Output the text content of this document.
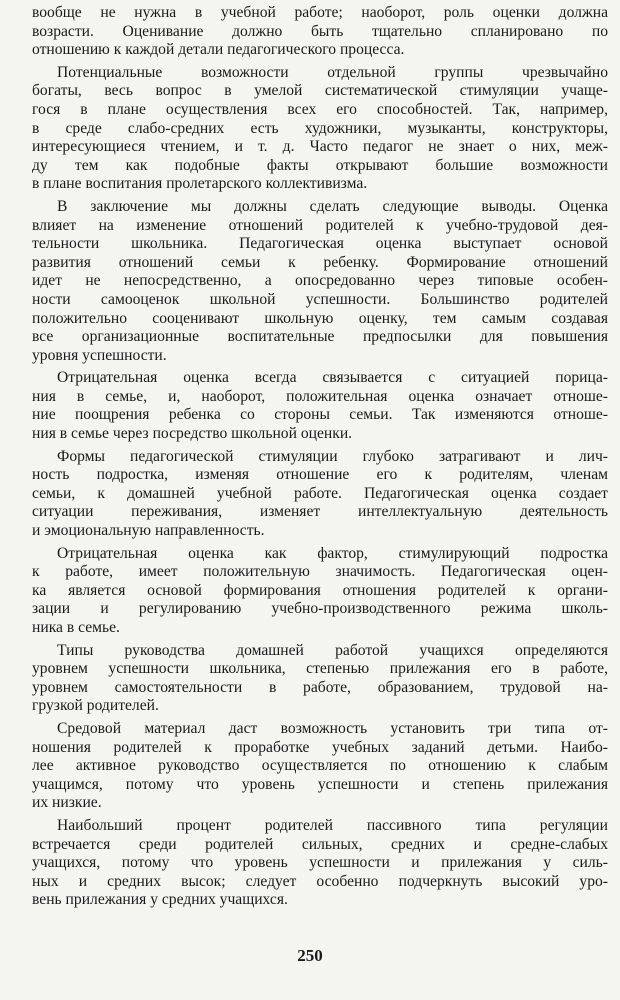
вообще не нужна в учебной работе; наоборот, роль оценки должна
возрасти. Оценивание должно быть тщательно спланировано по
отношению к каждой детали педагогического процесса.
Потенциальные возможности отдельной группы чрезвычайно
богаты, весь вопрос в умелой систематической стимуляции учаще-
гося в плане осуществления всех его способностей. Так, например,
в среде слабо-средних есть художники, музыканты, конструкторы,
интересующиеся чтением, и т. д. Часто педагог не знает о них, меж-
ду тем как подобные факты открывают большие возможности
в плане воспитания пролетарского коллективизма.
В заключение мы должны сделать следующие выводы. Оценка
влияет на изменение отношений родителей к учебно-трудовой дея-
тельности школьника. Педагогическая оценка выступает основой
развития отношений семьи к ребенку. Формирование отношений
идет не непосредственно, а опосредованно через типовые особен-
ности самооценок школьной успешности. Большинство родителей
положительно сооценивают школьную оценку, тем самым создавая
все организационные воспитательные предпосылки для повышения
уровня успешности.
Отрицательная оценка всегда связывается с ситуацией порица-
ния в семье, и, наоборот, положительная оценка означает отноше-
ние поощрения ребенка со стороны семьи. Так изменяются отноше-
ния в семье через посредство школьной оценки.
Формы педагогической стимуляции глубоко затрагивают и лич-
ность подростка, изменяя отношение его к родителям, членам
семьи, к домашней учебной работе. Педагогическая оценка создает
ситуации переживания, изменяет интеллектуальную деятельность
и эмоциональную направленность.
Отрицательная оценка как фактор, стимулирующий подростка
к работе, имеет положительную значимость. Педагогическая оцен-
ка является основой формирования отношения родителей к органи-
зации и регулированию учебно-производственного режима школь-
ника в семье.
Типы руководства домашней работой учащихся определяются
уровнем успешности школьника, степенью прилежания его в работе,
уровнем самостоятельности в работе, образованием, трудовой на-
грузкой родителей.
Средовой материал даст возможность установить три типа от-
ношения родителей к проработке учебных заданий детьми. Наибо-
лее активное руководство осуществляется по отношению к слабым
учащимся, потому что уровень успешности и степень прилежания
их низкие.
Наибольший процент родителей пассивного типа регуляции
встречается среди родителей сильных, средних и средне-слабых
учащихся, потому что уровень успешности и прилежания у силь-
ных и средних высок; следует особенно подчеркнуть высокий уро-
вень прилежания у средних учащихся.
250
